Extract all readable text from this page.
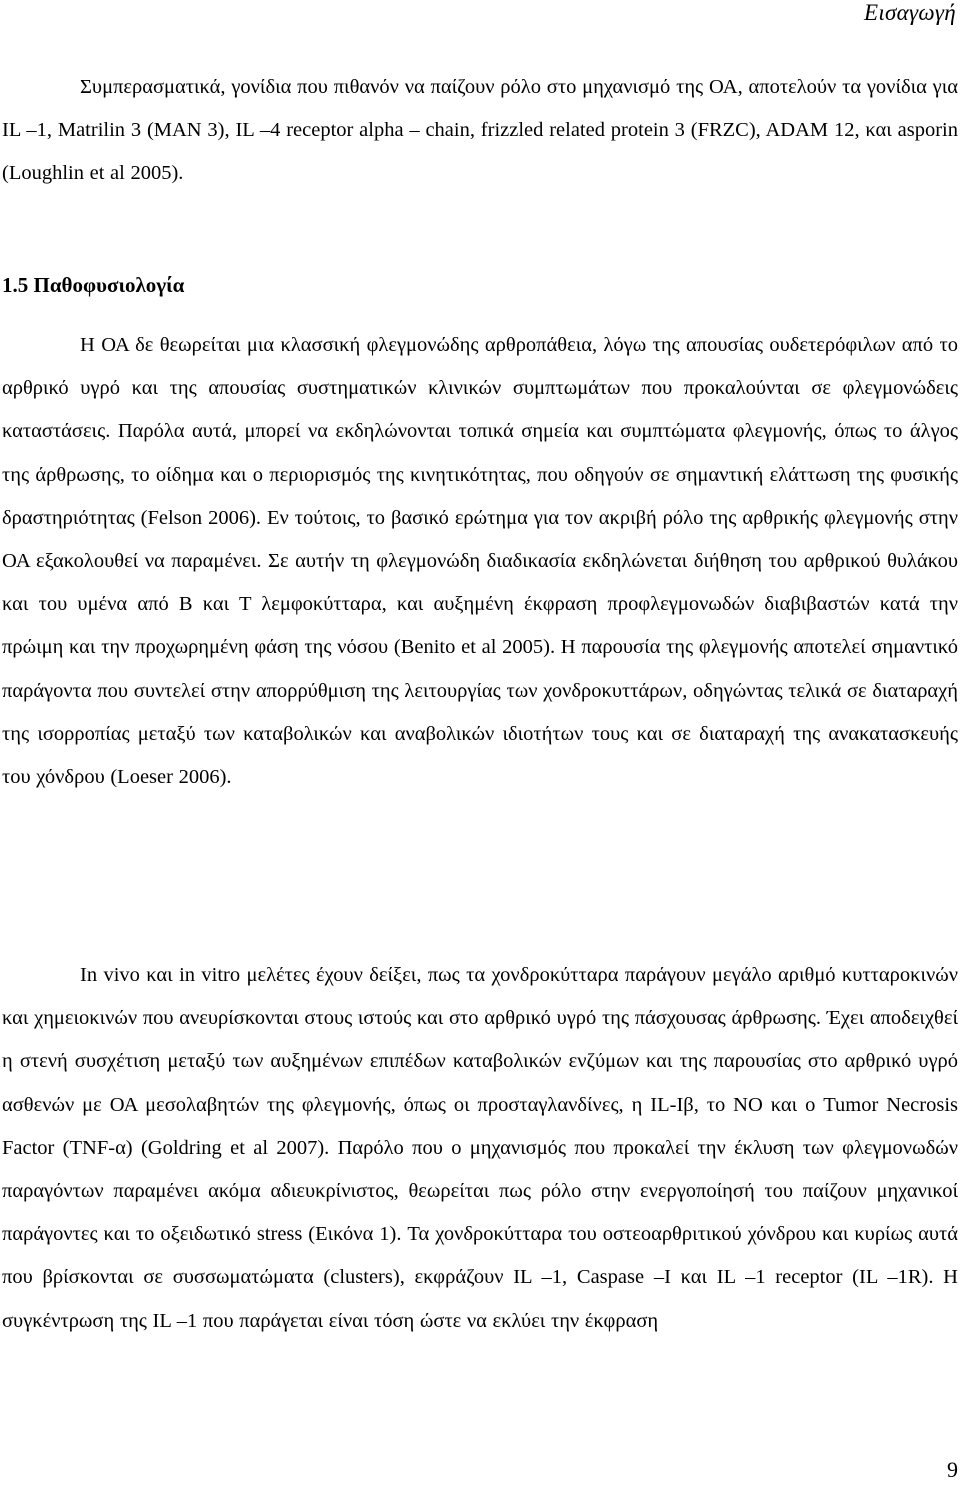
Εισαγωγή

Συμπερασματικά, γονίδια που πιθανόν να παίζουν ρόλο στο μηχανισμό της ΟΑ, αποτελούν τα γονίδια για IL –1, Matrilin 3 (MAN 3), IL –4 receptor alpha – chain, frizzled related protein 3 (FRZC), ADAM 12, και asporin (Loughlin et al 2005).

1.5 Παθοφυσιολογία

Η ΟΑ δε θεωρείται μια κλασσική φλεγμονώδης αρθροπάθεια, λόγω της απουσίας ουδετερόφιλων από το αρθρικό υγρό και της απουσίας συστηματικών κλινικών συμπτωμάτων που προκαλούνται σε φλεγμονώδεις καταστάσεις. Παρόλα αυτά, μπορεί να εκδηλώνονται τοπικά σημεία και συμπτώματα φλεγμονής, όπως το άλγος της άρθρωσης, το οίδημα και ο περιορισμός της κινητικότητας, που οδηγούν σε σημαντική ελάττωση της φυσικής δραστηριότητας (Felson 2006). Εν τούτοις, το βασικό ερώτημα για τον ακριβή ρόλο της αρθρικής φλεγμονής στην ΟΑ εξακολουθεί να παραμένει. Σε αυτήν τη φλεγμονώδη διαδικασία εκδηλώνεται διήθηση του αρθρικού θυλάκου και του υμένα από Β και Τ λεμφοκύτταρα, και αυξημένη έκφραση προφλεγμονωδών διαβιβαστών κατά την πρώιμη και την προχωρημένη φάση της νόσου (Benito et al 2005). Η παρουσία της φλεγμονής αποτελεί σημαντικό παράγοντα που συντελεί στην απορρύθμιση της λειτουργίας των χονδροκυττάρων, οδηγώντας τελικά σε διαταραχή της ισορροπίας μεταξύ των καταβολικών και αναβολικών ιδιοτήτων τους και σε διαταραχή της ανακατασκευής του χόνδρου (Loeser 2006).

In vivo και in vitro μελέτες έχουν δείξει, πως τα χονδροκύτταρα παράγουν μεγάλο αριθμό κυτταροκινών και χημειοκινών που ανευρίσκονται στους ιστούς και στο αρθρικό υγρό της πάσχουσας άρθρωσης. Έχει αποδειχθεί η στενή συσχέτιση μεταξύ των αυξημένων επιπέδων καταβολικών ενζύμων και της παρουσίας στο αρθρικό υγρό ασθενών με ΟΑ μεσολαβητών της φλεγμονής, όπως οι προσταγλανδίνες, η IL-Iβ, το NO και ο Tumor Necrosis Factor (TNF-α) (Goldring et al 2007). Παρόλο που ο μηχανισμός που προκαλεί την έκλυση των φλεγμονωδών παραγόντων παραμένει ακόμα αδιευκρίνιστος, θεωρείται πως ρόλο στην ενεργοποίησή του παίζουν μηχανικοί παράγοντες και το οξειδωτικό stress (Εικόνα 1). Τα χονδροκύτταρα του οστεοαρθριτικού χόνδρου και κυρίως αυτά που βρίσκονται σε συσσωματώματα (clusters), εκφράζουν IL –1, Caspase –I και IL –1 receptor (IL –1R). Η συγκέντρωση της IL –1 που παράγεται είναι τόση ώστε να εκλύει την έκφραση

9
